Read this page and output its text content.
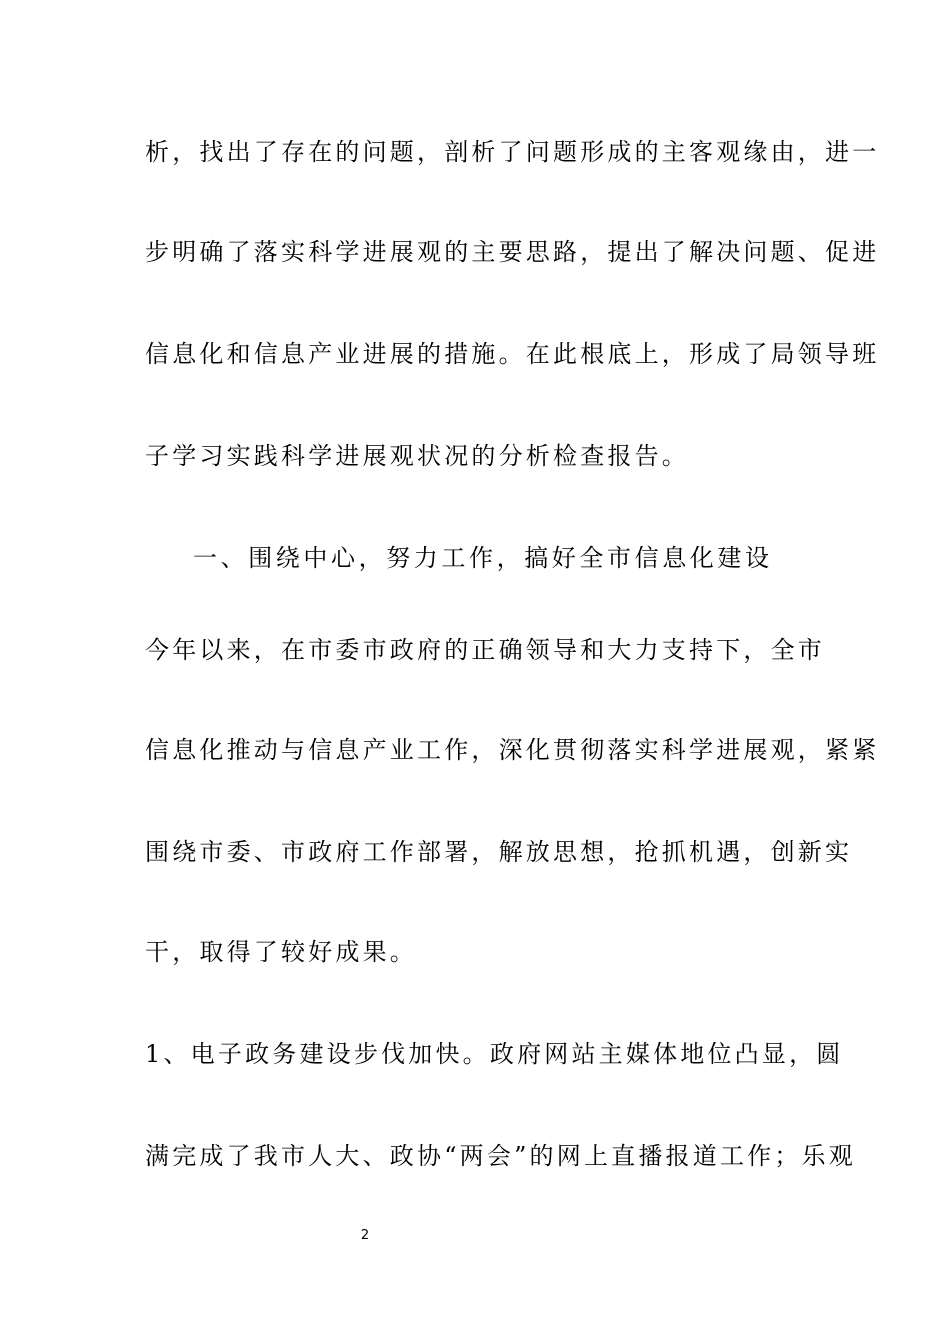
析，找出了存在的问题，剖析了问题形成的主客观缘由，进一
步明确了落实科学进展观的主要思路，提出了解决问题、促进
信息化和信息产业进展的措施。在此根底上，形成了局领导班
子学习实践科学进展观状况的分析检查报告。
一、围绕中心，努力工作，搞好全市信息化建设
今年以来，在市委市政府的正确领导和大力支持下，全市
信息化推动与信息产业工作，深化贯彻落实科学进展观，紧紧
围绕市委、市政府工作部署，解放思想，抢抓机遇，创新实
干，取得了较好成果。
1、电子政务建设步伐加快。政府网站主媒体地位凸显，圆
满完成了我市人大、政协“两会”的网上直播报道工作；乐观
2
